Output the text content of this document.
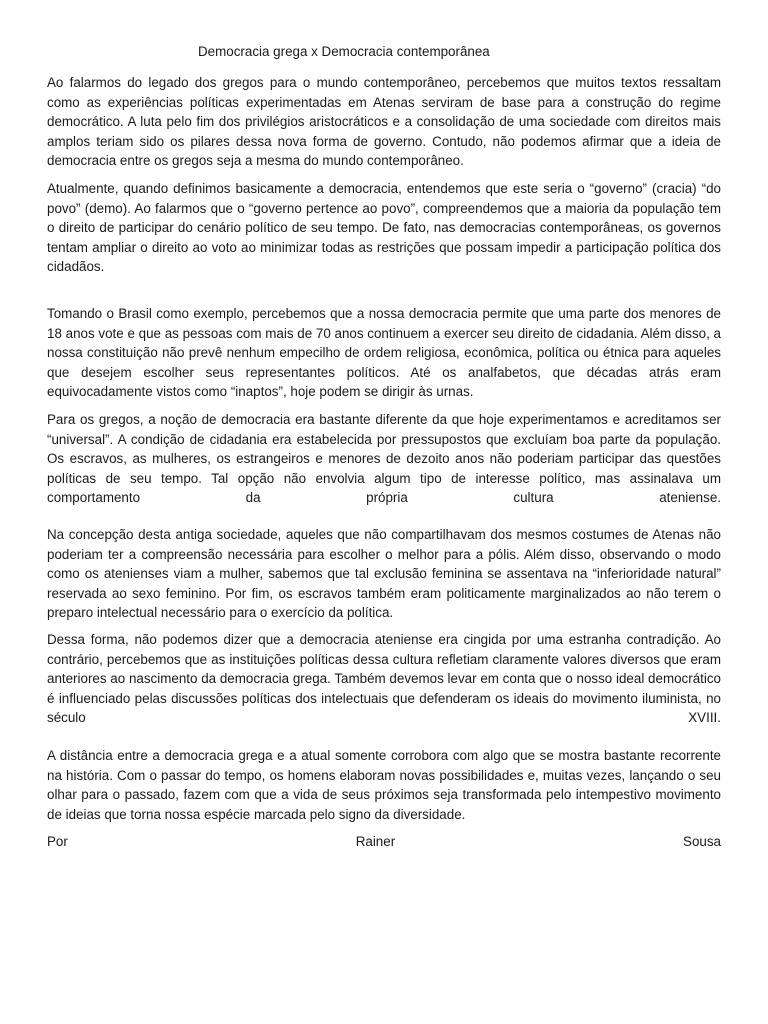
Democracia grega x Democracia contemporânea

Ao falarmos do legado dos gregos para o mundo contemporâneo, percebemos que muitos textos ressaltam como as experiências políticas experimentadas em Atenas serviram de base para a construção do regime democrático. A luta pelo fim dos privilégios aristocráticos e a consolidação de uma sociedade com direitos mais amplos teriam sido os pilares dessa nova forma de governo. Contudo, não podemos afirmar que a ideia de democracia entre os gregos seja a mesma do mundo contemporâneo.

Atualmente, quando definimos basicamente a democracia, entendemos que este seria o “governo” (cracia) “do povo” (demo). Ao falarmos que o “governo pertence ao povo”, compreendemos que a maioria da população tem o direito de participar do cenário político de seu tempo. De fato, nas democracias contemporâneas, os governos tentam ampliar o direito ao voto ao minimizar todas as restrições que possam impedir a participação política dos cidadãos.

Tomando o Brasil como exemplo, percebemos que a nossa democracia permite que uma parte dos menores de 18 anos vote e que as pessoas com mais de 70 anos continuem a exercer seu direito de cidadania. Além disso, a nossa constituição não prevê nenhum empecilho de ordem religiosa, econômica, política ou étnica para aqueles que desejem escolher seus representantes políticos. Até os analfabetos, que décadas atrás eram equivocadamente vistos como “inaptos”, hoje podem se dirigir às urnas.

Para os gregos, a noção de democracia era bastante diferente da que hoje experimentamos e acreditamos ser “universal”. A condição de cidadania era estabelecida por pressupostos que excluíam boa parte da população. Os escravos, as mulheres, os estrangeiros e menores de dezoito anos não poderiam participar das questões políticas de seu tempo. Tal opção não envolvia algum tipo de interesse político, mas assinalava um comportamento da própria cultura ateniense.

Na concepção desta antiga sociedade, aqueles que não compartilhavam dos mesmos costumes de Atenas não poderiam ter a compreensão necessária para escolher o melhor para a pólis. Além disso, observando o modo como os atenienses viam a mulher, sabemos que tal exclusão feminina se assentava na “inferioridade natural” reservada ao sexo feminino. Por fim, os escravos também eram politicamente marginalizados ao não terem o preparo intelectual necessário para o exercício da política.

Dessa forma, não podemos dizer que a democracia ateniense era cingida por uma estranha contradição. Ao contrário, percebemos que as instituições políticas dessa cultura refletiam claramente valores diversos que eram anteriores ao nascimento da democracia grega. Também devemos levar em conta que o nosso ideal democrático é influenciado pelas discussões políticas dos intelectuais que defenderam os ideais do movimento iluminista, no século XVIII.

A distância entre a democracia grega e a atual somente corrobora com algo que se mostra bastante recorrente na história. Com o passar do tempo, os homens elaboram novas possibilidades e, muitas vezes, lançando o seu olhar para o passado, fazem com que a vida de seus próximos seja transformada pelo intempestivo movimento de ideias que torna nossa espécie marcada pelo signo da diversidade.

Por	Rainer	Sousa
